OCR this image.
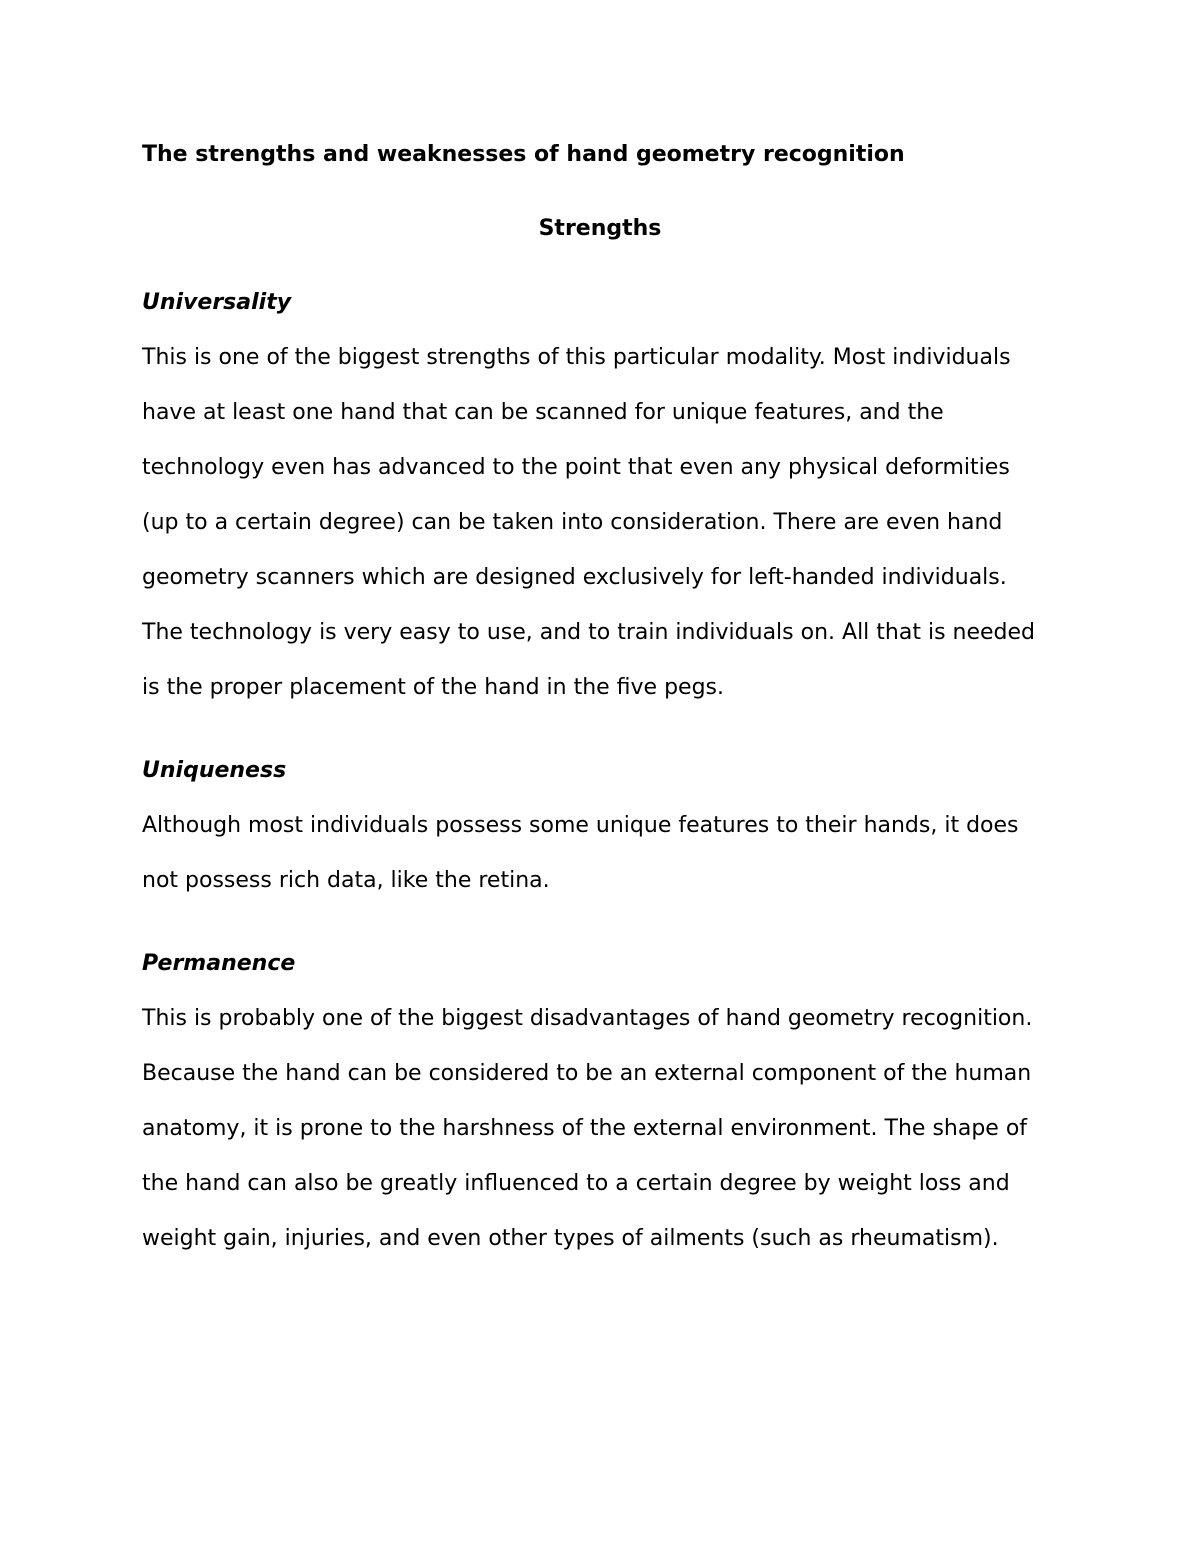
The strengths and weaknesses of hand geometry recognition
Strengths
Universality

This is one of the biggest strengths of this particular modality. Most individuals have at least one hand that can be scanned for unique features, and the technology even has advanced to the point that even any physical deformities (up to a certain degree) can be taken into consideration. There are even hand geometry scanners which are designed exclusively for left-handed individuals. The technology is very easy to use, and to train individuals on. All that is needed is the proper placement of the hand in the five pegs.

Uniqueness

Although most individuals possess some unique features to their hands, it does not possess rich data, like the retina.

Permanence

This is probably one of the biggest disadvantages of hand geometry recognition. Because the hand can be considered to be an external component of the human anatomy, it is prone to the harshness of the external environment. The shape of the hand can also be greatly influenced to a certain degree by weight loss and weight gain, injuries, and even other types of ailments (such as rheumatism).
